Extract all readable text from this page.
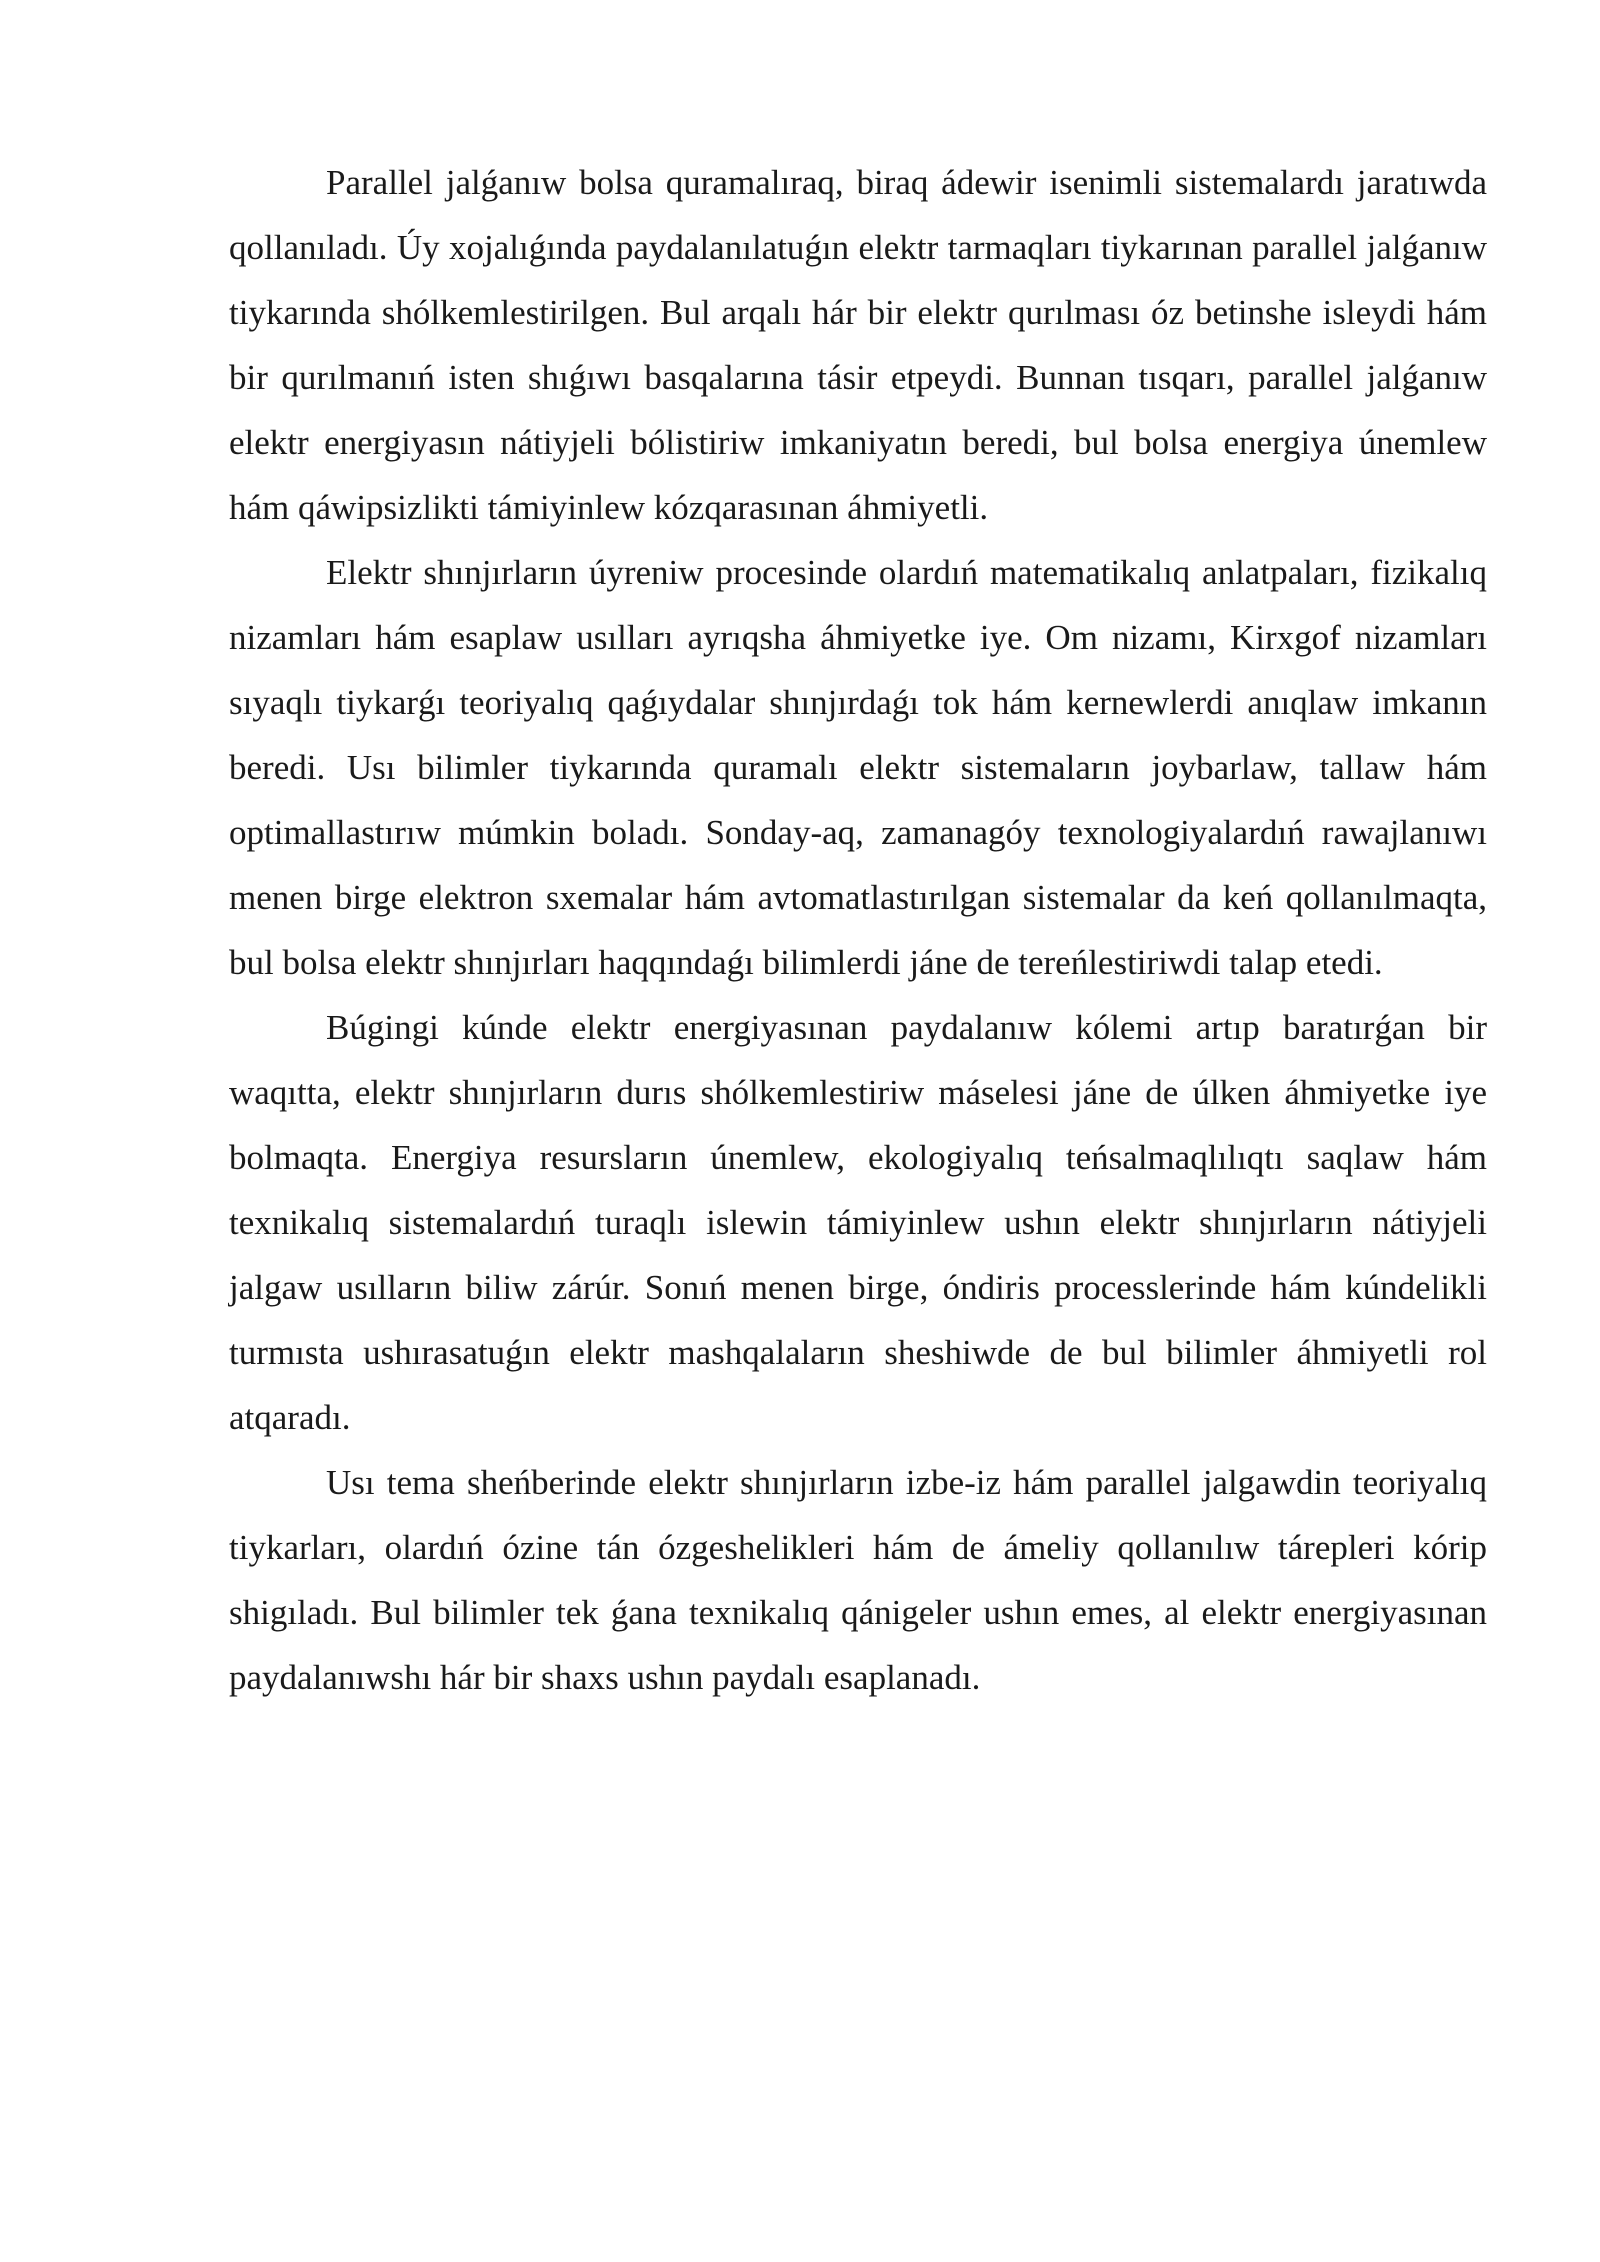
Parallel jalǵanıw bolsa quramalıraq, biraq ádewir isenimli sistemalardı jaratıwda qollanıladı. Úy xojalıǵında paydalanılatuǵın elektr tarmaqları tiykarınan parallel jalǵanıw tiykarında shólkemlestirilgen. Bul arqalı hár bir elektr qurılması óz betinshe isleydi hám bir qurılmanıń isten shıǵıwı basqalarına tásir etpeydi. Bunnan tısqarı, parallel jalǵanıw elektr energiyasın nátiyjeli bólistiriw imkaniyatın beredi, bul bolsa energiya únemlew hám qáwipsizlikti támiyinlew kózqarasınan áhmiyetli.

Elektr shınjırların úyreniw procesinde olardıń matematikalıq anlatpaları, fizikalıq nizamları hám esaplaw usılları ayrıqsha áhmiyetke iye. Om nizamı, Kirxgof nizamları sıyaqlı tiykarǵı teoriyalıq qaǵıydalar shınjırdaǵı tok hám kernewlerdi anıqlaw imkanın beredi. Usı bilimler tiykarında quramalı elektr sistemaların joybarlaw, tallaw hám optimallastırıw múmkin boladı. Sonday-aq, zamanagóy texnologiyalardıń rawajlanıwı menen birge elektron sxemalar hám avtomatlastırılgan sistemalar da keń qollanılmaqta, bul bolsa elektr shınjırları haqqındaǵı bilimlerdi jáne de tereńlestiriwdi talap etedi.

Búgingi kúnde elektr energiyasınan paydalanıw kólemi artıp baratırǵan bir waqıtta, elektr shınjırların durıs shólkemlestiriw máselesi jáne de úlken áhmiyetke iye bolmaqta. Energiya resursların únemlew, ekologiyalıq teńsalmaqlılıqtı saqlaw hám texnikalıq sistemalardıń turaqlı islewin támiyinlew ushın elektr shınjırların nátiyjeli jalgaw usılların biliw zárúr. Sonıń menen birge, óndiris processlerinde hám kúndelikli turmısta ushırasatuǵın elektr mashqalaların sheshiwde de bul bilimler áhmiyetli rol atqaradı.

Usı tema sheńberinde elektr shınjırların izbe-iz hám parallel jalgawdin teoriyalıq tiykarları, olardıń ózine tán ózgeshelikleri hám de ámeliy qollanılıw tárepleri kórip shigıladı. Bul bilimler tek ǵana texnikalıq qánigeler ushın emes, al elektr energiyasınan paydalanıwshı hár bir shaxs ushın paydalı esaplanadı.
